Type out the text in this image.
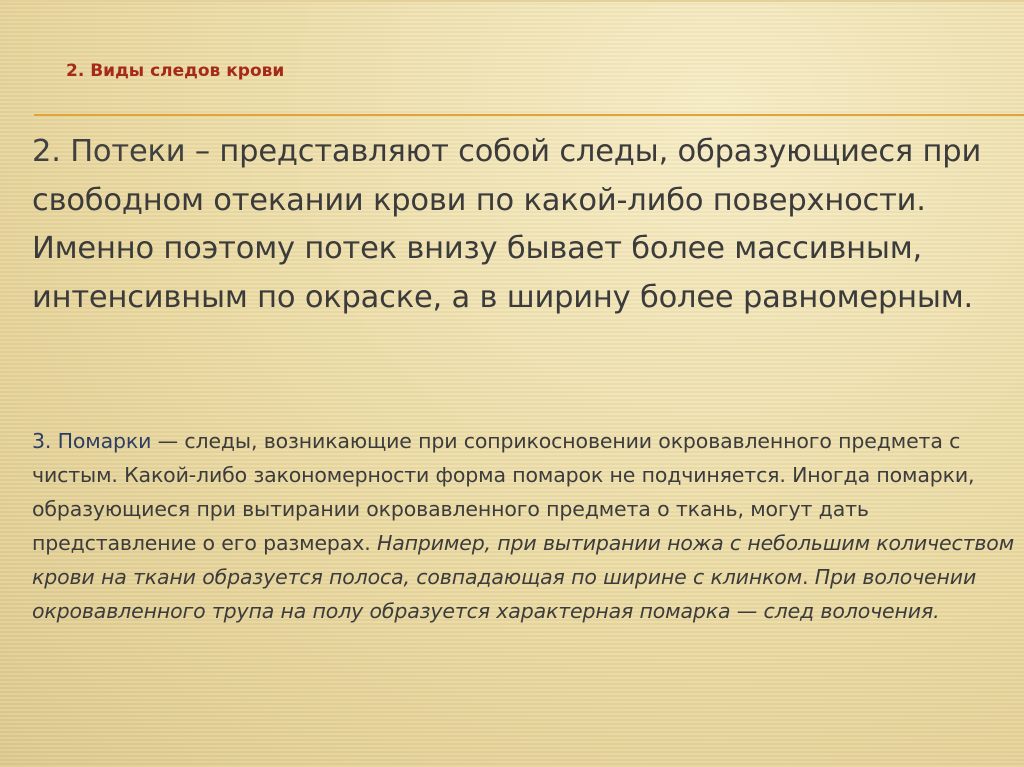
2. Виды следов крови

2. Потеки – представляют собой следы, образующиеся при свободном отекании крови по какой-либо поверхности. Именно поэтому потек внизу бывает более массивным, интенсивным по окраске, а в ширину более равномерным.

3. Помарки — следы, возникающие при соприкосновении окровавленного предмета с чистым. Какой-либо закономерности форма помарок не подчиняется. Иногда помарки, образующиеся при вытирании окровавленного предмета о ткань, могут дать представление о его размерах. Например, при вытирании ножа с небольшим количеством крови на ткани образуется полоса, совпадающая по ширине с клинком. При волочении окровавленного трупа на полу образуется характерная помарка — след волочения.
